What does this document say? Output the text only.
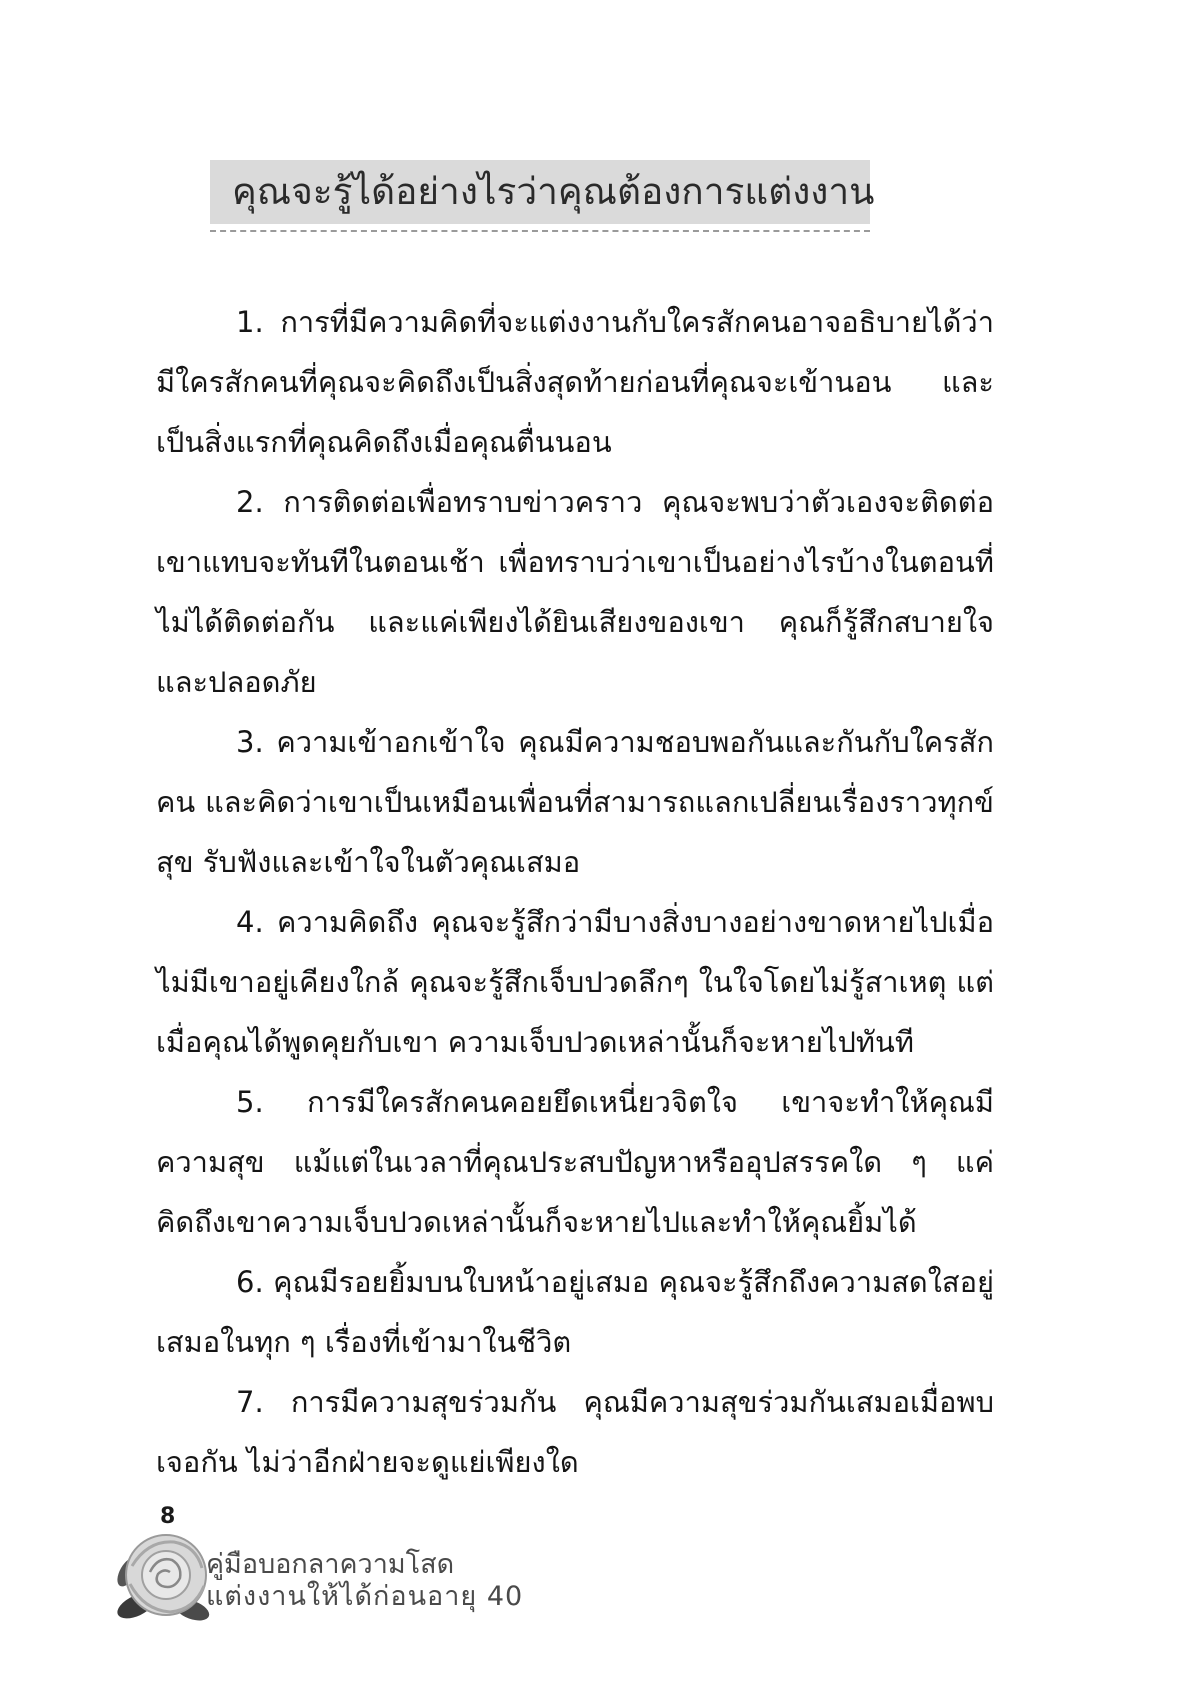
คุณจะรู้ได้อย่างไรว่าคุณต้องการแต่งงาน

1. การที่มีความคิดที่จะแต่งงานกับใครสักคนอาจอธิบายได้ว่า มีใครสักคนที่คุณจะคิดถึงเป็นสิ่งสุดท้ายก่อนที่คุณจะเข้านอน และเป็นสิ่งแรกที่คุณคิดถึงเมื่อคุณตื่นนอน

2. การติดต่อเพื่อทราบข่าวคราว คุณจะพบว่าตัวเองจะติดต่อเขาแทบจะทันทีในตอนเช้า เพื่อทราบว่าเขาเป็นอย่างไรบ้างในตอนที่ไม่ได้ติดต่อกัน และแค่เพียงได้ยินเสียงของเขา คุณก็รู้สึกสบายใจและปลอดภัย

3. ความเข้าอกเข้าใจ คุณมีความชอบพอกันและกันกับใครสักคน และคิดว่าเขาเป็นเหมือนเพื่อนที่สามารถแลกเปลี่ยนเรื่องราวทุกข์สุข รับฟังและเข้าใจในตัวคุณเสมอ

4. ความคิดถึง คุณจะรู้สึกว่ามีบางสิ่งบางอย่างขาดหายไปเมื่อไม่มีเขาอยู่เคียงใกล้ คุณจะรู้สึกเจ็บปวดลึกๆ ในใจโดยไม่รู้สาเหตุ แต่เมื่อคุณได้พูดคุยกับเขา ความเจ็บปวดเหล่านั้นก็จะหายไปทันที

5. การมีใครสักคนคอยยึดเหนี่ยวจิตใจ เขาจะทำให้คุณมีความสุข แม้แต่ในเวลาที่คุณประสบปัญหาหรืออุปสรรคใด ๆ แค่คิดถึงเขาความเจ็บปวดเหล่านั้นก็จะหายไปและทำให้คุณยิ้มได้

6. คุณมีรอยยิ้มบนใบหน้าอยู่เสมอ คุณจะรู้สึกถึงความสดใสอยู่เสมอในทุก ๆ เรื่องที่เข้ามาในชีวิต

7. การมีความสุขร่วมกัน คุณมีความสุขร่วมกันเสมอเมื่อพบเจอกัน ไม่ว่าอีกฝ่ายจะดูแย่เพียงใด

8
คู่มือบอกลาความโสด
แต่งงานให้ได้ก่อนอายุ 40
